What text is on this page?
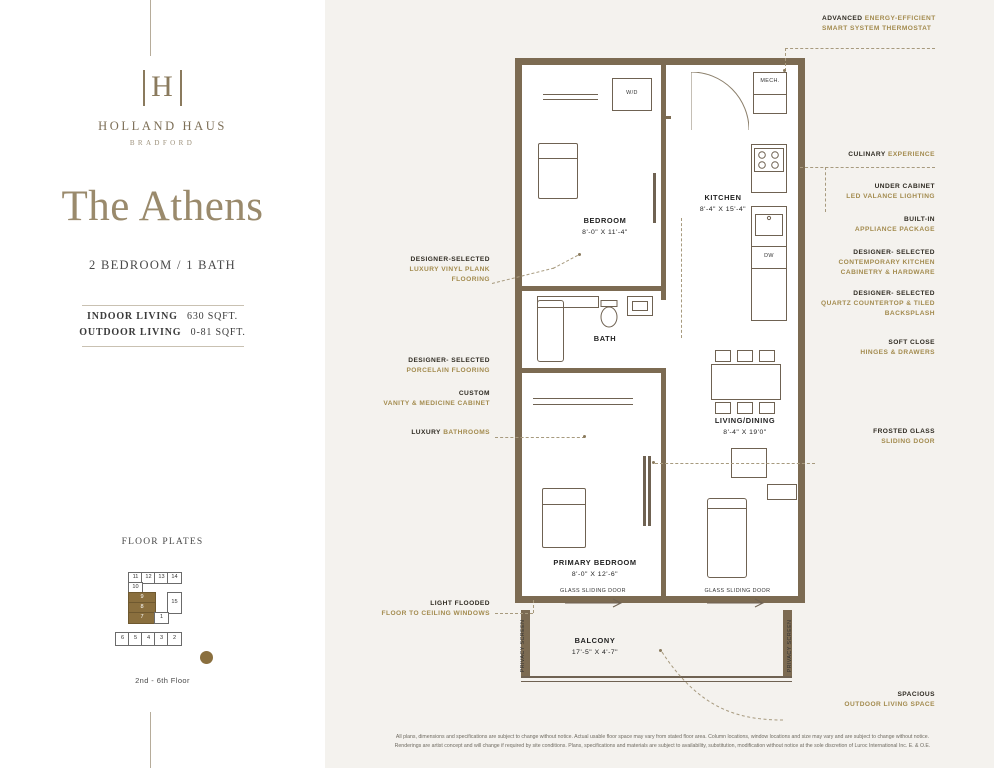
H
HOLLAND HAUS
BRADFORD
The Athens
2 BEDROOM / 1 BATH
INDOOR LIVING 630 SQFT.
OUTDOOR LIVING 0-81 SQFT.
FLOOR PLATES
11	12	13	14
10
9
15
8
7	1
6	5	4	3	2
2nd - 6th Floor
W/D
MECH.
BEDROOM
8'-0" X 11'-4"
DW
KITCHEN
8'-4" X 15'-4"
BATH
LIVING/DINING
8'-4" X 19'0"
PRIMARY BEDROOM
8'-0" X 12'-6"
GLASS SLIDING DOOR	GLASS SLIDING DOOR
PRIVACY SCREEN	PRIVACY SCREEN
BALCONY
17'-5" X 4'-7"
ADVANCED ENERGY-EFFICIENT SMART SYSTEM THERMOSTAT
CULINARY EXPERIENCE
UNDER CABINET
LED VALANCE LIGHTING
BUILT-IN
APPLIANCE PACKAGE
DESIGNER- SELECTED
CONTEMPORARY KITCHEN CABINETRY & HARDWARE
DESIGNER- SELECTED
QUARTZ COUNTERTOP & TILED BACKSPLASH
SOFT CLOSE
HINGES & DRAWERS
FROSTED GLASS
SLIDING DOOR
SPACIOUS
OUTDOOR LIVING SPACE
DESIGNER-SELECTED
LUXURY VINYL PLANK FLOORING
DESIGNER- SELECTED
PORCELAIN FLOORING
CUSTOM
VANITY & MEDICINE CABINET
LUXURY BATHROOMS
LIGHT FLOODED
FLOOR TO CEILING WINDOWS
All plans, dimensions and specifications are subject to change without notice. Actual usable floor space may vary from stated floor area. Column locations, window locations and size may vary and are subject to change without notice. Renderings are artist concept and will change if required by site conditions. Plans, specifications and materials are subject to availability, substitution, modification without notice at the sole discretion of Luroc International Inc. E. & O.E.
